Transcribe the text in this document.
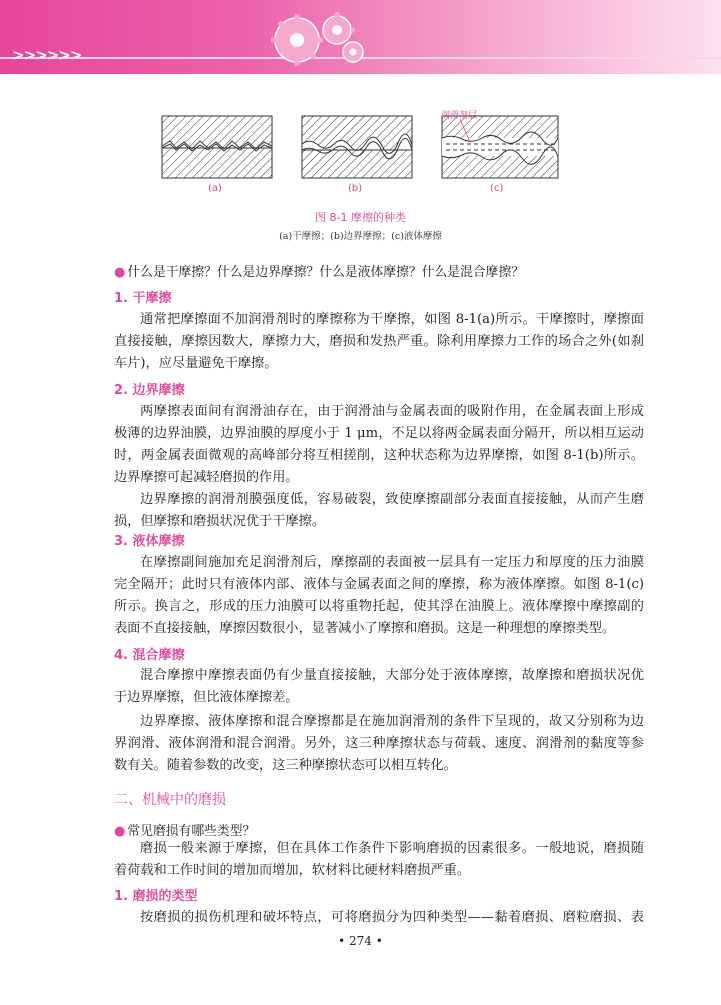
>>>>>>
润滑剂层
(a)	(b)	(c)
图 8-1 摩擦的种类
(a)干摩擦；(b)边界摩擦；(c)液体摩擦
● 什么是干摩擦？什么是边界摩擦？什么是液体摩擦？什么是混合摩擦？
1. 干摩擦
通常把摩擦面不加润滑剂时的摩擦称为干摩擦，如图 8-1(a)所示。干摩擦时，摩擦面
直接接触，摩擦因数大，摩擦力大，磨损和发热严重。除利用摩擦力工作的场合之外(如刹
车片)，应尽量避免干摩擦。
2. 边界摩擦
两摩擦表面间有润滑油存在，由于润滑油与金属表面的吸附作用，在金属表面上形成
极薄的边界油膜，边界油膜的厚度小于 1 μm，不足以将两金属表面分隔开，所以相互运动
时，两金属表面微观的高峰部分将互相搓削，这种状态称为边界摩擦，如图 8-1(b)所示。
边界摩擦可起减轻磨损的作用。
边界摩擦的润滑剂膜强度低，容易破裂，致使摩擦副部分表面直接接触，从而产生磨
损，但摩擦和磨损状况优于干摩擦。
3. 液体摩擦
在摩擦副间施加充足润滑剂后，摩擦副的表面被一层具有一定压力和厚度的压力油膜
完全隔开；此时只有液体内部、液体与金属表面之间的摩擦，称为液体摩擦。如图 8-1(c)
所示。换言之，形成的压力油膜可以将重物托起，使其浮在油膜上。液体摩擦中摩擦副的
表面不直接接触，摩擦因数很小，显著减小了摩擦和磨损。这是一种理想的摩擦类型。
4. 混合摩擦
混合摩擦中摩擦表面仍有少量直接接触，大部分处于液体摩擦，故摩擦和磨损状况优
于边界摩擦，但比液体摩擦差。
边界摩擦、液体摩擦和混合摩擦都是在施加润滑剂的条件下呈现的，故又分别称为边
界润滑、液体润滑和混合润滑。另外，这三种摩擦状态与荷载、速度、润滑剂的黏度等参
数有关。随着参数的改变，这三种摩擦状态可以相互转化。
二、机械中的磨损
● 常见磨损有哪些类型？
磨损一般来源于摩擦，但在具体工作条件下影响磨损的因素很多。一般地说，磨损随
着荷载和工作时间的增加而增加，软材料比硬材料磨损严重。
1. 磨损的类型
按磨损的损伤机理和破坏特点，可将磨损分为四种类型——黏着磨损、磨粒磨损、表
• 274 •
